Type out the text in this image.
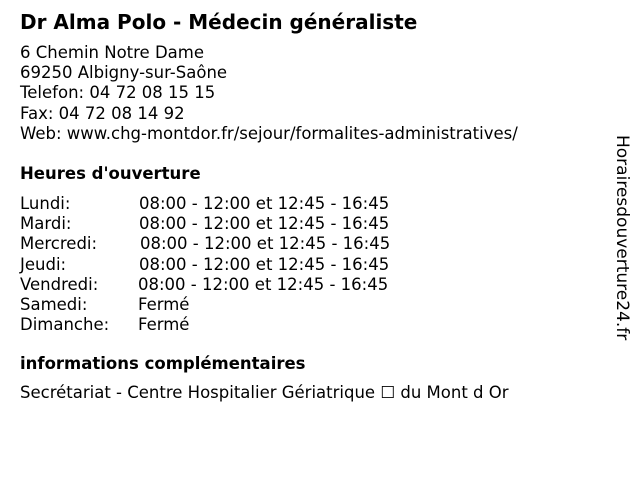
Dr Alma Polo - Médecin généraliste
6 Chemin Notre Dame
69250 Albigny-sur-Saône
Telefon: 04 72 08 15 15
Fax: 04 72 08 14 92
Web: www.chg-montdor.fr/sejour/formalites-administratives/
Heures d'ouverture
Lundi:	08:00 - 12:00 et 12:45 - 16:45
Mardi:	08:00 - 12:00 et 12:45 - 16:45
Mercredi:	08:00 - 12:00 et 12:45 - 16:45
Jeudi:	08:00 - 12:00 et 12:45 - 16:45
Vendredi: 08:00 - 12:00 et 12:45 - 16:45
Samedi:	Fermé
Dimanche: Fermé
informations complémentaires
Secrétariat - Centre Hospitalier Gériatrique ☐ du Mont d Or
Horairesdouverture24.fr
